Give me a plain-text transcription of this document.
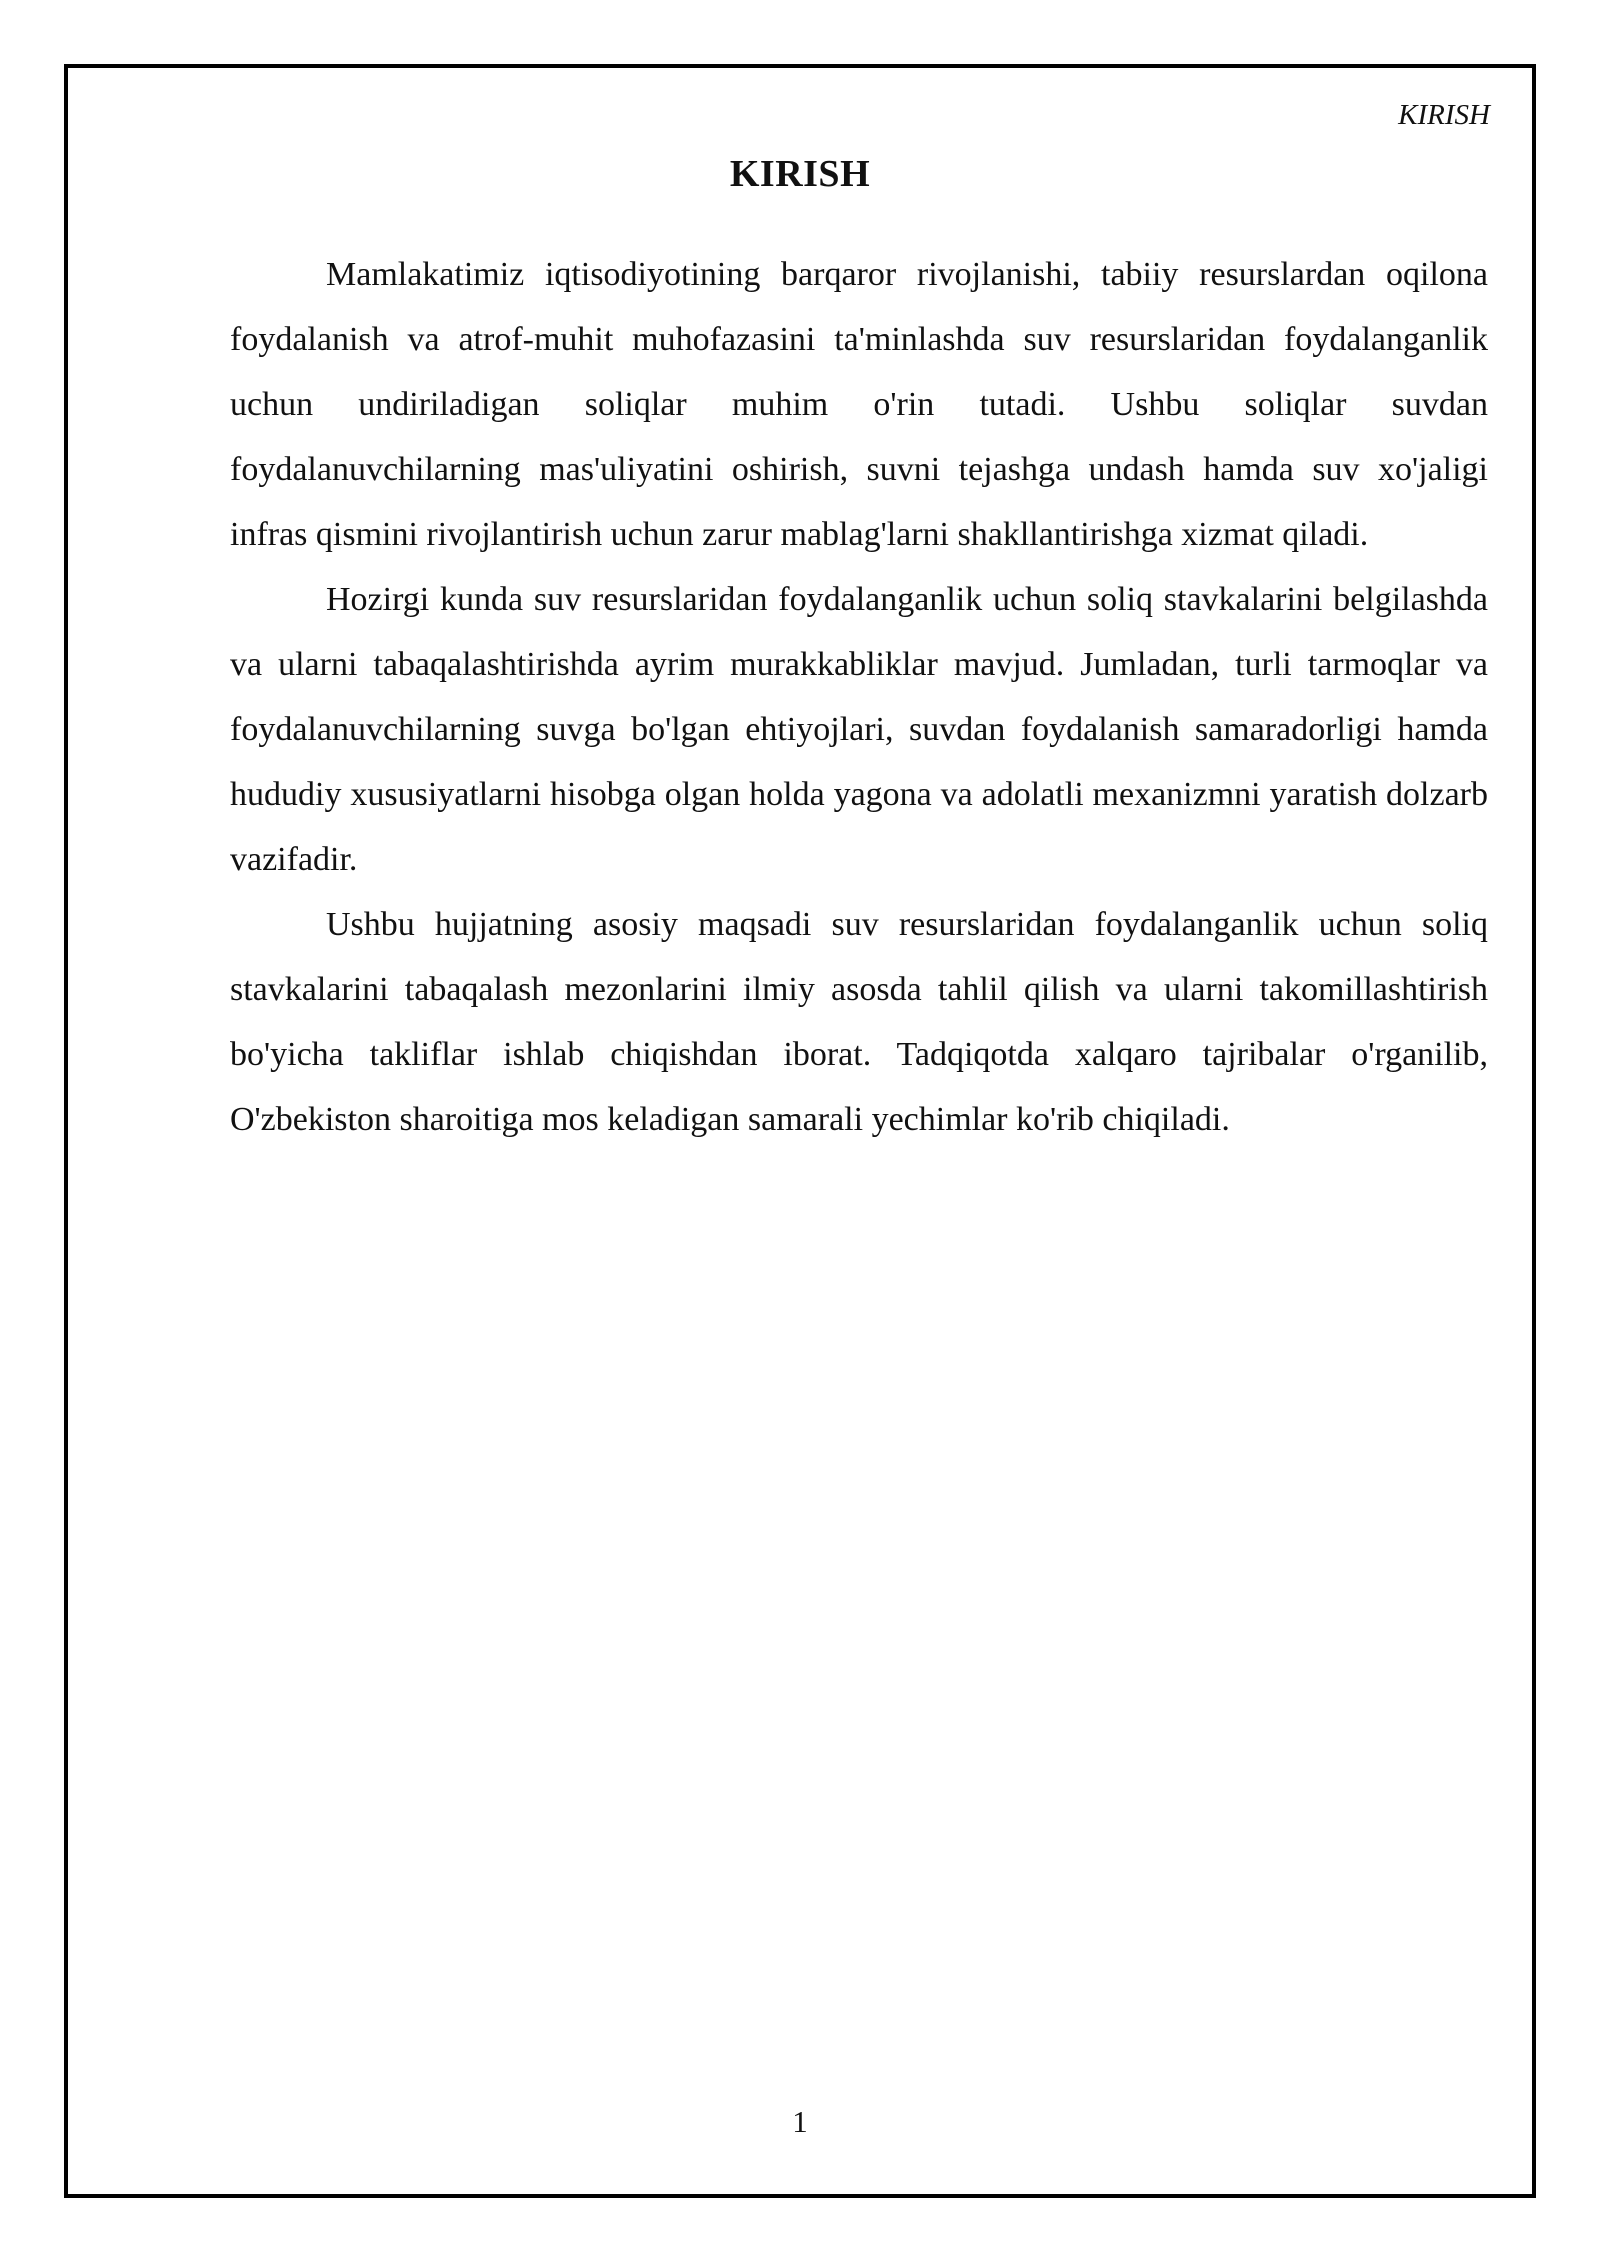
KIRISH
KIRISH

Mamlakatimiz iqtisodiyotining barqaror rivojlanishi, tabiiy resurslardan oqilona foydalanish va atrof-muhit muhofazasini ta'minlashda suv resurslaridan foydalanganlik uchun undiriladigan soliqlar muhim o'rin tutadi. Ushbu soliqlar suvdan foydalanuvchilarning mas'uliyatini oshirish, suvni tejashga undash hamda suv xo'jaligi infras qismini rivojlantirish uchun zarur mablag'larni shakllantirishga xizmat qiladi.

Hozirgi kunda suv resurslaridan foydalanganlik uchun soliq stavkalarini belgilashda va ularni tabaqalashtirishda ayrim murakkabliklar mavjud. Jumladan, turli tarmoqlar va foydalanuvchilarning suvga bo'lgan ehtiyojlari, suvdan foydalanish samaradorligi hamda hududiy xususiyatlarni hisobga olgan holda yagona va adolatli mexanizmni yaratish dolzarb vazifadir.

Ushbu hujjatning asosiy maqsadi suv resurslaridan foydalanganlik uchun soliq stavkalarini tabaqalash mezonlarini ilmiy asosda tahlil qilish va ularni takomillashtirish bo'yicha takliflar ishlab chiqishdan iborat. Tadqiqotda xalqaro tajribalar o'rganilib, O'zbekiston sharoitiga mos keladigan samarali yechimlar ko'rib chiqiladi.

1
